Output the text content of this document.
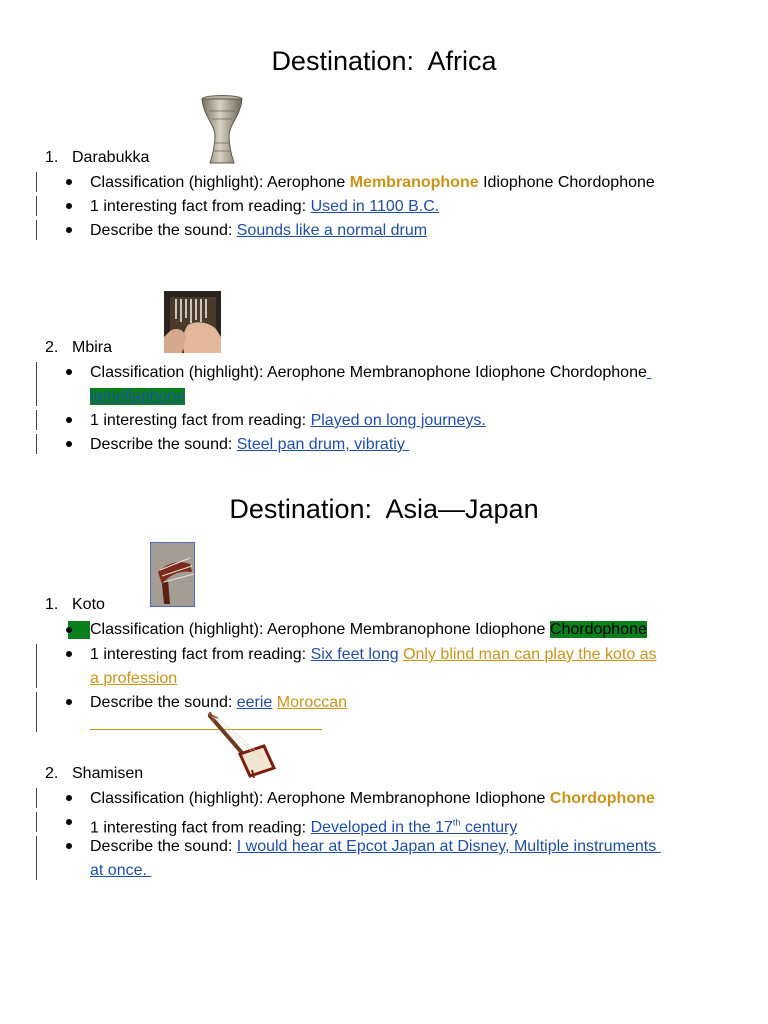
Destination:  Africa
1. Darabukka
Classification (highlight): Aerophone Membranophone Idiophone Chordophone
1 interesting fact from reading: Used in 1100 B.C.
Describe the sound: Sounds like a normal drum
2. Mbira
Classification (highlight): Aerophone Membranophone Idiophone Chordophone
lamellaphone
1 interesting fact from reading: Played on long journeys.
Describe the sound: Steel pan drum, vibratiy
Destination:  Asia—Japan
1. Koto
Classification (highlight): Aerophone Membranophone Idiophone Chordophone
1 interesting fact from reading: Six feet long Only blind man can play the koto as
a profession
Describe the sound: eerie Moroccan
2. Shamisen
Classification (highlight): Aerophone Membranophone Idiophone Chordophone
1 interesting fact from reading: Developed in the 17th century
Describe the sound: I would hear at Epcot Japan at Disney, Multiple instruments
at once.
